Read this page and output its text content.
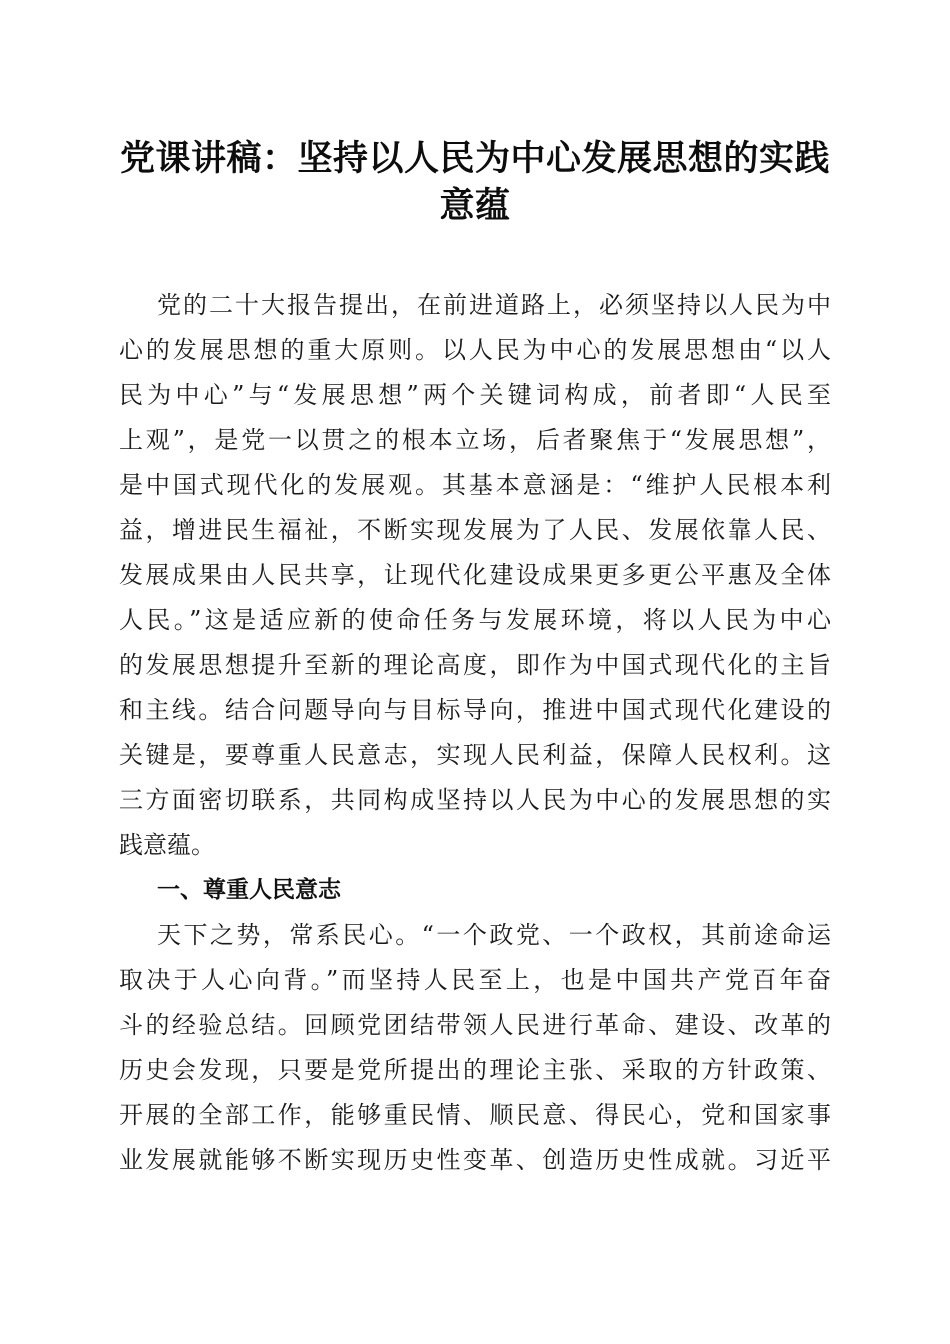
党课讲稿：坚持以人民为中心发展思想的实践
意蕴
党的二十大报告提出，在前进道路上，必须坚持以人民为中
心的发展思想的重大原则。以人民为中心的发展思想由“以人
民为中心”与“发展思想”两个关键词构成，前者即“人民至
上观”，是党一以贯之的根本立场，后者聚焦于“发展思想”，
是中国式现代化的发展观。其基本意涵是：“维护人民根本利
益，增进民生福祉，不断实现发展为了人民、发展依靠人民、
发展成果由人民共享，让现代化建设成果更多更公平惠及全体
人民。”这是适应新的使命任务与发展环境，将以人民为中心
的发展思想提升至新的理论高度，即作为中国式现代化的主旨
和主线。结合问题导向与目标导向，推进中国式现代化建设的
关键是，要尊重人民意志，实现人民利益，保障人民权利。这
三方面密切联系，共同构成坚持以人民为中心的发展思想的实
践意蕴。
一、尊重人民意志
天下之势，常系民心。“一个政党、一个政权，其前途命运
取决于人心向背。”而坚持人民至上，也是中国共产党百年奋
斗的经验总结。回顾党团结带领人民进行革命、建设、改革的
历史会发现，只要是党所提出的理论主张、采取的方针政策、
开展的全部工作，能够重民情、顺民意、得民心，党和国家事
业发展就能够不断实现历史性变革、创造历史性成就。习近平
